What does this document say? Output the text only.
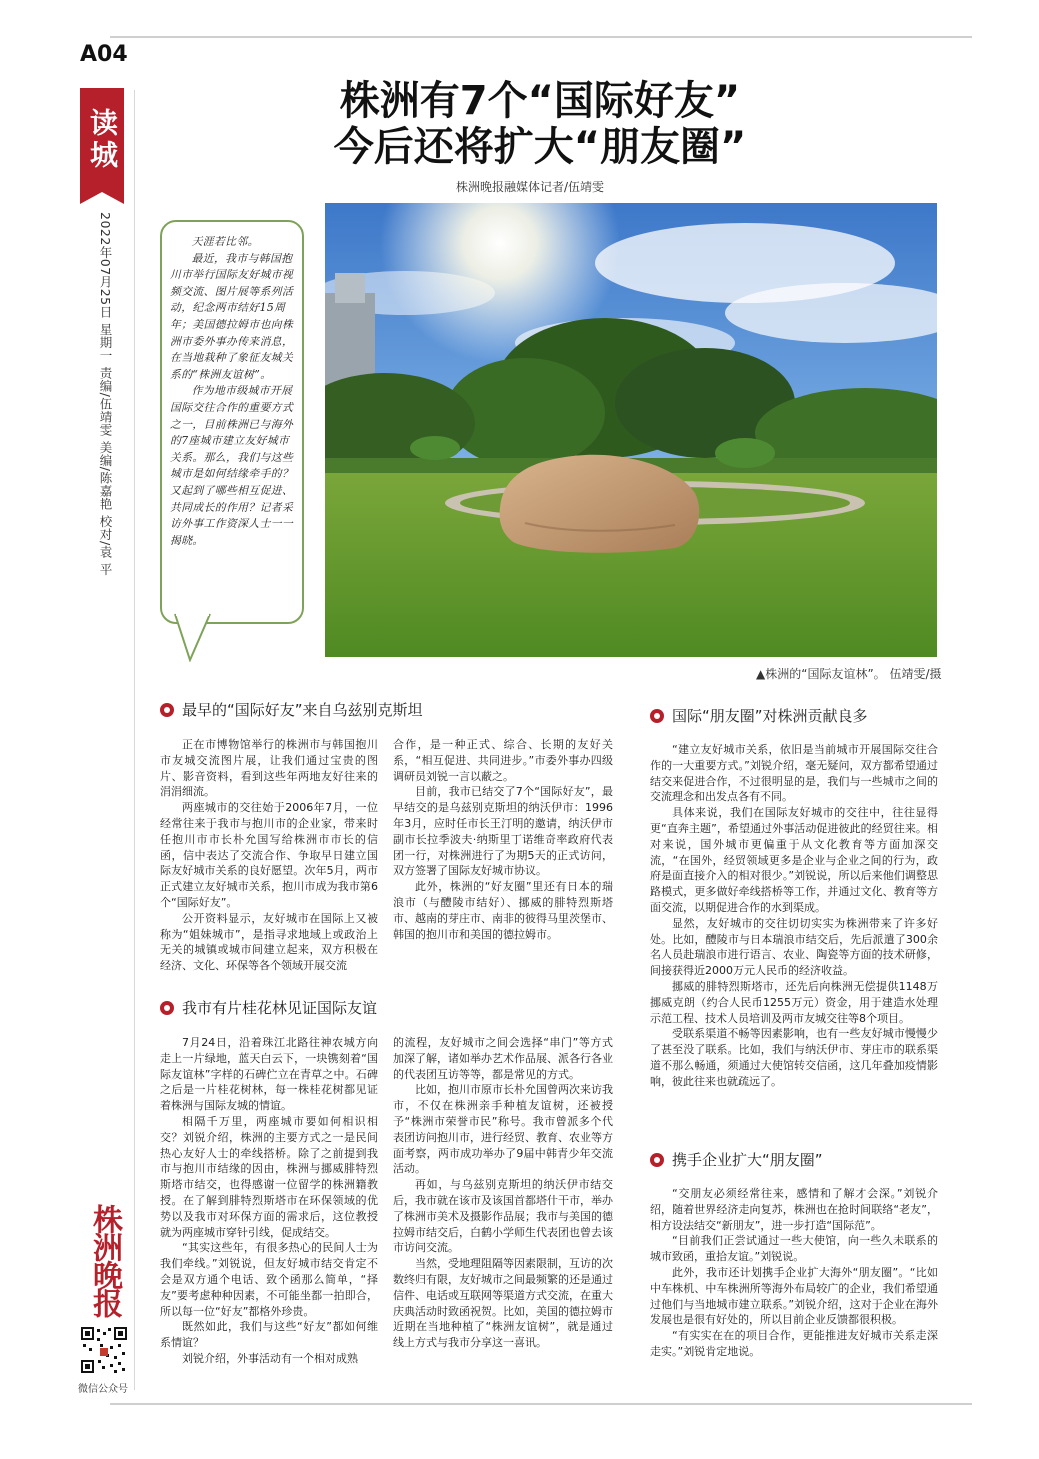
A04
读城
2022年07月25日 星期一 责编/伍靖雯 美编/陈嘉艳 校对/袁 平
株洲有7个“国际好友”
今后还将扩大“朋友圈”
株洲晚报融媒体记者/伍靖雯
▲株洲的“国际友谊林”。 伍靖雯/摄

天涯若比邻。

最近，我市与韩国抱川市举行国际友好城市视频交流、图片展等系列活动，纪念两市结好15周年；美国德拉姆市也向株洲市委外事办传来消息，在当地栽种了象征友城关系的“株洲友谊树”。

作为地市级城市开展国际交往合作的重要方式之一，目前株洲已与海外的7座城市建立友好城市关系。那么，我们与这些城市是如何结缘牵手的？又起到了哪些相互促进、共同成长的作用？记者采访外事工作资深人士一一揭晓。

最早的“国际好友”来自乌兹别克斯坦

正在市博物馆举行的株洲市与韩国抱川市友城交流图片展，让我们通过宝贵的图片、影音资料，看到这些年两地友好往来的涓涓细流。

两座城市的交往始于2006年7月，一位经常往来于我市与抱川市的企业家，带来时任抱川市市长朴允国写给株洲市市长的信函，信中表达了交流合作、争取早日建立国际友好城市关系的良好愿望。次年5月，两市正式建立友好城市关系，抱川市成为我市第6个“国际好友”。

公开资料显示，友好城市在国际上又被称为“姐妹城市”，是指寻求地域上或政治上无关的城镇或城市间建立起来，双方积极在经济、文化、环保等各个领域开展交流

合作，是一种正式、综合、长期的友好关系，“相互促进、共同进步。”市委外事办四级调研员刘锐一言以蔽之。

目前，我市已结交了7个“国际好友”，最早结交的是乌兹别克斯坦的纳沃伊市：1996年3月，应时任市长王汀明的邀请，纳沃伊市副市长拉季波夫·纳斯里丁诺维奇率政府代表团一行，对株洲进行了为期5天的正式访问，双方签署了国际友好城市协议。

此外，株洲的“好友圈”里还有日本的瑞浪市（与醴陵市结好）、挪威的腓特烈斯塔市、越南的芽庄市、南非的彼得马里茨堡市、韩国的抱川市和美国的德拉姆市。

我市有片桂花林见证国际友谊

7月24日，沿着珠江北路往神农城方向走上一片绿地，蓝天白云下，一块镌刻着“国际友谊林”字样的石碑伫立在青草之中。石碑之后是一片桂花树林，每一株桂花树都见证着株洲与国际友城的情谊。

相隔千万里，两座城市要如何相识相交？刘锐介绍，株洲的主要方式之一是民间热心友好人士的牵线搭桥。除了之前提到我市与抱川市结缘的因由，株洲与挪威腓特烈斯塔市结交，也得感谢一位留学的株洲籍教授。在了解到腓特烈斯塔市在环保领域的优势以及我市对环保方面的需求后，这位教授就为两座城市穿针引线，促成结交。

“其实这些年，有很多热心的民间人士为我们牵线。”刘锐说，但友好城市结交肯定不会是双方通个电话、致个函那么简单，“择友”要考虑种种因素，不可能坐都一拍即合，所以每一位“好友”都格外珍贵。

既然如此，我们与这些“好友”都如何维系情谊？

刘锐介绍，外事活动有一个相对成熟

的流程，友好城市之间会选择“串门”等方式加深了解，诸如举办艺术作品展、派各行各业的代表团互访等等，都是常见的方式。

比如，抱川市原市长朴允国曾两次来访我市，不仅在株洲亲手种植友谊树，还被授予“株洲市荣誉市民”称号。我市曾派多个代表团访问抱川市，进行经贸、教育、农业等方面考察，两市成功举办了9届中韩青少年交流活动。

再如，与乌兹别克斯坦的纳沃伊市结交后，我市就在该市及该国首都塔什干市，举办了株洲市美术及摄影作品展；我市与美国的德拉姆市结交后，白鹤小学师生代表团也曾去该市访问交流。

当然，受地理阻隔等因素限制，互访的次数终归有限，友好城市之间最频繁的还是通过信件、电话或互联网等渠道方式交流，在重大庆典活动时致函祝贺。比如，美国的德拉姆市近期在当地种植了“株洲友谊树”，就是通过线上方式与我市分享这一喜讯。

国际“朋友圈”对株洲贡献良多

“建立友好城市关系，依旧是当前城市开展国际交往合作的一大重要方式。”刘锐介绍，毫无疑问，双方都希望通过结交来促进合作，不过很明显的是，我们与一些城市之间的交流理念和出发点各有不同。

具体来说，我们在国际友好城市的交往中，往往显得更“直奔主题”，希望通过外事活动促进彼此的经贸往来。相对来说，国外城市更偏重于从文化教育等方面加深交流，“在国外，经贸领域更多是企业与企业之间的行为，政府是面直接介入的相对很少。”刘锐说，所以后来他们调整思路模式，更多做好牵线搭桥等工作，并通过文化、教育等方面交流，以期促进合作的水到渠成。

显然，友好城市的交往切切实实为株洲带来了许多好处。比如，醴陵市与日本瑞浪市结交后，先后派遣了300余名人员赴瑞浪市进行语言、农业、陶瓷等方面的技术研修，间接获得近2000万元人民币的经济收益。

挪威的腓特烈斯塔市，还先后向株洲无偿提供1148万挪威克朗（约合人民币1255万元）资金，用于建造水处理示范工程、技术人员培训及两市友城交往等8个项目。

受联系渠道不畅等因素影响，也有一些友好城市慢慢少了甚至没了联系。比如，我们与纳沃伊市、芽庄市的联系渠道不那么畅通，须通过大使馆转交信函，这几年叠加疫情影响，彼此往来也就疏远了。

携手企业扩大“朋友圈”

“交朋友必须经常往来，感情和了解才会深。”刘锐介绍，随着世界经济走向复苏，株洲也在抢时间联络“老友”，相方设法结交“新朋友”，进一步打造“国际范”。

“目前我们正尝试通过一些大使馆，向一些久未联系的城市致函，重拾友谊。”刘锐说。

此外，我市还计划携手企业扩大海外“朋友圈”。“比如中车株机、中车株洲所等海外布局较广的企业，我们希望通过他们与当地城市建立联系。”刘锐介绍，这对于企业在海外发展也是很有好处的，所以目前企业反馈都很积极。

“有实实在在的项目合作，更能推进友好城市关系走深走实。”刘锐肯定地说。

株洲晚报
微信公众号
